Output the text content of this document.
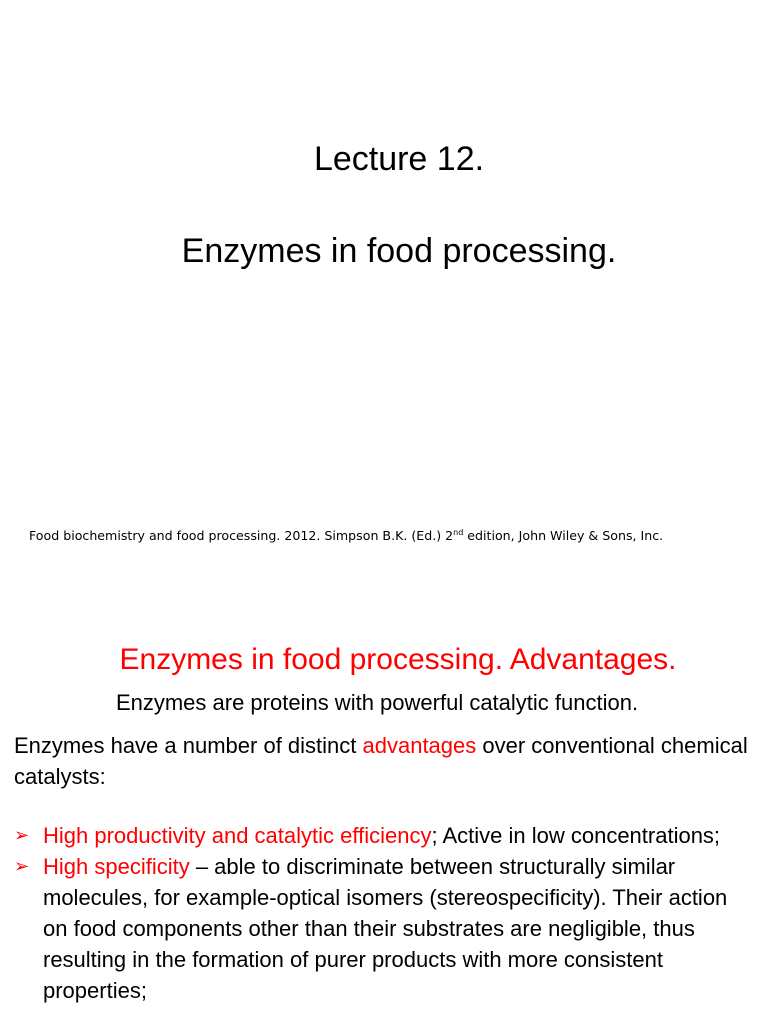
Lecture 12.
Enzymes in food processing.
Food biochemistry and food processing. 2012. Simpson B.K. (Ed.) 2nd edition, John Wiley & Sons, Inc.
Enzymes in food processing. Advantages.
Enzymes are proteins with powerful catalytic function.
Enzymes have a number of distinct advantages over conventional chemical catalysts:
➢ High productivity and catalytic efficiency; Active in low concentrations;
➢ High specificity – able to discriminate between structurally similar molecules, for example-optical isomers (stereospecificity). Their action on food components other than their substrates are negligible, thus resulting in the formation of purer products with more consistent properties;
